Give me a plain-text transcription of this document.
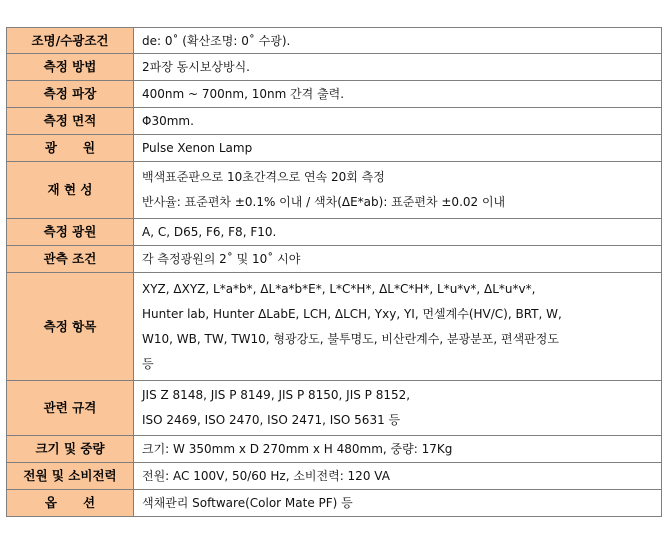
조명/수광조건	de: 0˚ (확산조명: 0˚ 수광).

측정 방법	2파장 동시보상방식.

측정 파장	400nm ~ 700nm, 10nm 간격 출력.

측정 면적	Φ30mm.

광      원	Pulse Xenon Lamp

재 현 성	백색표준판으로 10초간격으로 연속 20회 측정
반사율: 표준편차 ±0.1% 이내 / 색차(ΔE*ab): 표준편차 ±0.02 이내

측정 광원	A, C, D65, F6, F8, F10.

관측 조건	각 측정광원의 2˚ 및 10˚ 시야

측정 항목	XYZ, ΔXYZ, L*a*b*, ΔL*a*b*E*, L*C*H*, ΔL*C*H*, L*u*v*, ΔL*u*v*,
Hunter lab, Hunter ΔLabE, LCH, ΔLCH, Yxy, YI, 먼셀계수(HV/C), BRT, W,
W10, WB, TW, TW10, 형광강도, 불투명도, 비산란계수, 분광분포, 편색판정도
등

관련 규격	JIS Z 8148, JIS P 8149, JIS P 8150, JIS P 8152,
ISO 2469, ISO 2470, ISO 2471, ISO 5631 등

크기 및 중량	크기: W 350mm x D 270mm x H 480mm, 중량: 17Kg

전원 및 소비전력	전원: AC 100V, 50/60 Hz, 소비전력: 120 VA

옵      션	색채관리 Software(Color Mate PF) 등
